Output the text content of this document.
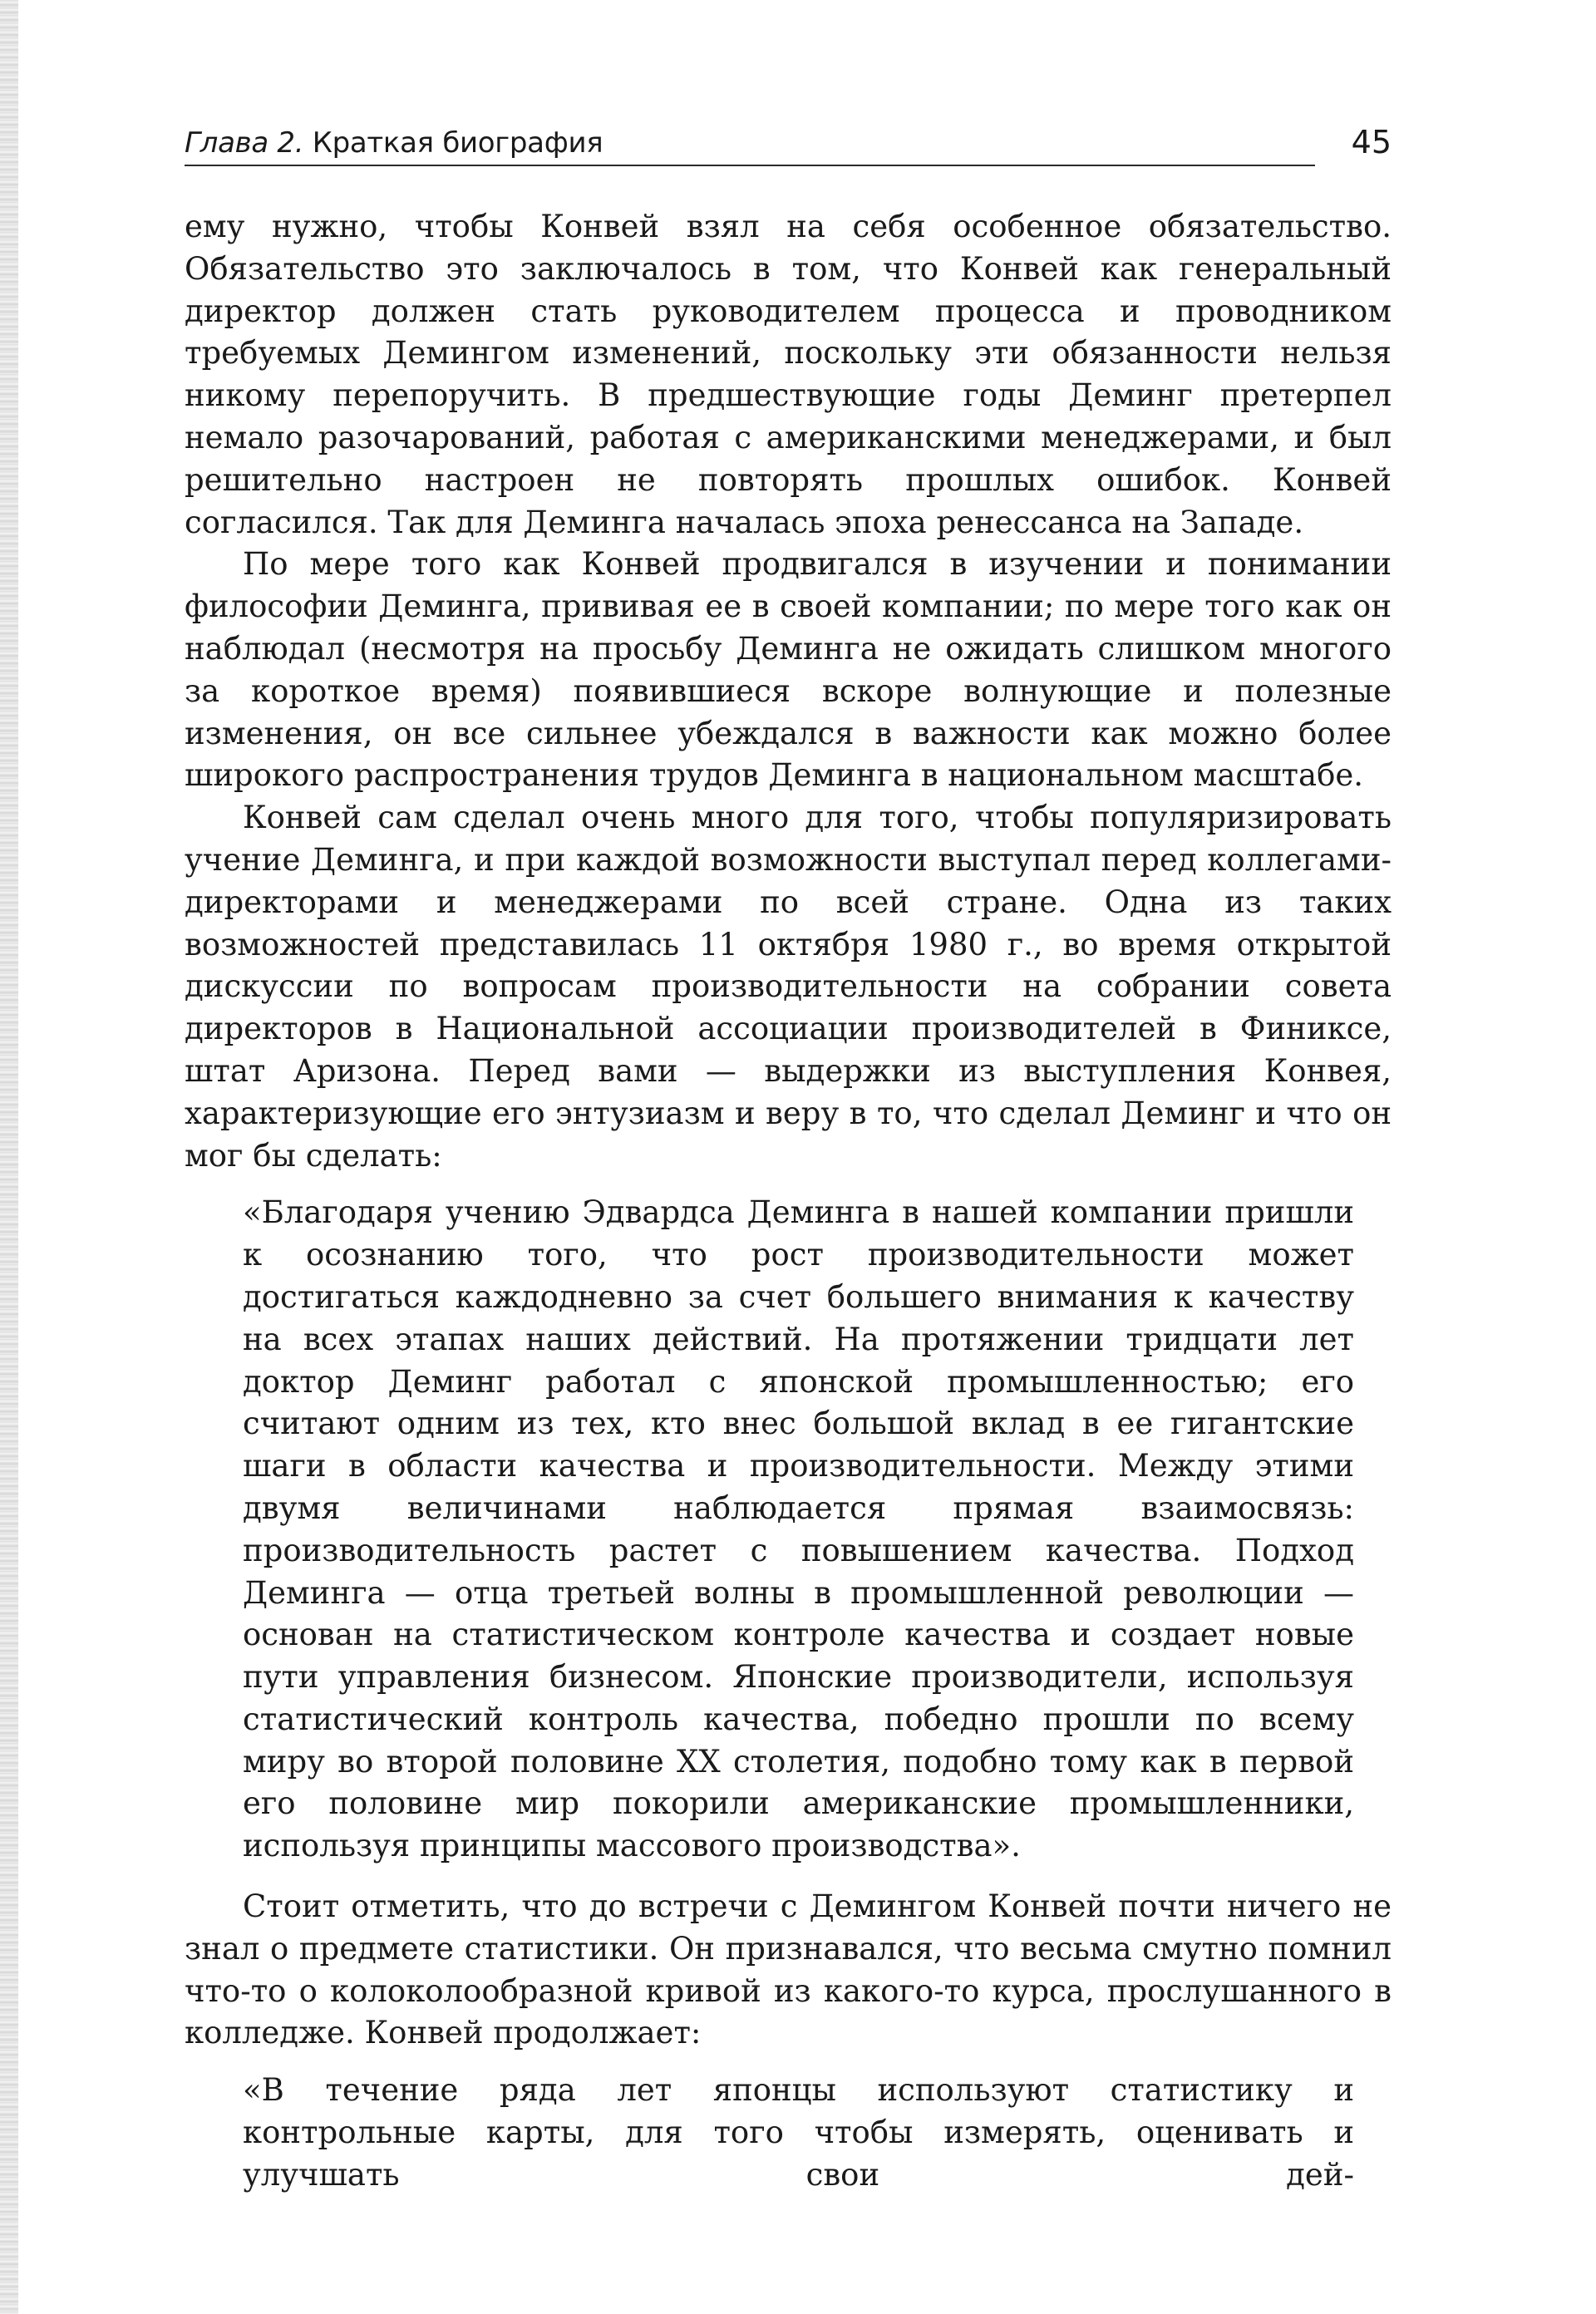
Глава 2. Краткая биография	45

ему нужно, чтобы Конвей взял на себя особенное обязательство. Обязательство это заключалось в том, что Конвей как генеральный директор должен стать руководителем процесса и проводником требуемых Демингом изменений, поскольку эти обязанности нельзя никому перепоручить. В предшествующие годы Деминг претерпел немало разочарований, работая с американскими менеджерами, и был решительно настроен не повторять прошлых ошибок. Конвей согласился. Так для Деминга началась эпоха ренессанса на Западе.

По мере того как Конвей продвигался в изучении и понимании философии Деминга, прививая ее в своей компании; по мере того как он наблюдал (несмотря на просьбу Деминга не ожидать слишком многого за короткое время) появившиеся вскоре волнующие и полезные изменения, он все сильнее убеждался в важности как можно более широкого распространения трудов Деминга в национальном масштабе.

Конвей сам сделал очень много для того, чтобы популяризировать учение Деминга, и при каждой возможности выступал перед коллегами-директорами и менеджерами по всей стране. Одна из таких возможностей представилась 11 октября 1980 г., во время открытой дискуссии по вопросам производительности на собрании совета директоров в Национальной ассоциации производителей в Финиксе, штат Аризона. Перед вами — выдержки из выступления Конвея, характеризующие его энтузиазм и веру в то, что сделал Деминг и что он мог бы сделать:

«Благодаря учению Эдвардса Деминга в нашей компании пришли к осознанию того, что рост производительности может достигаться каждодневно за счет большего внимания к качеству на всех этапах наших действий. На протяжении тридцати лет доктор Деминг работал с японской промышленностью; его считают одним из тех, кто внес большой вклад в ее гигантские шаги в области качества и производительности. Между этими двумя величинами наблюдается прямая взаимосвязь: производительность растет с повышением качества. Подход Деминга — отца третьей волны в промышленной революции — основан на статистическом контроле качества и создает новые пути управления бизнесом. Японские производители, используя статистический контроль качества, победно прошли по всему миру во второй половине XX столетия, подобно тому как в первой его половине мир покорили американские промышленники, используя принципы массового производства».

Стоит отметить, что до встречи с Демингом Конвей почти ничего не знал о предмете статистики. Он признавался, что весьма смутно помнил что-то о колоколообразной кривой из какого-то курса, прослушанного в колледже. Конвей продолжает:

«В течение ряда лет японцы используют статистику и контрольные карты, для того чтобы измерять, оценивать и улучшать свои дей-
